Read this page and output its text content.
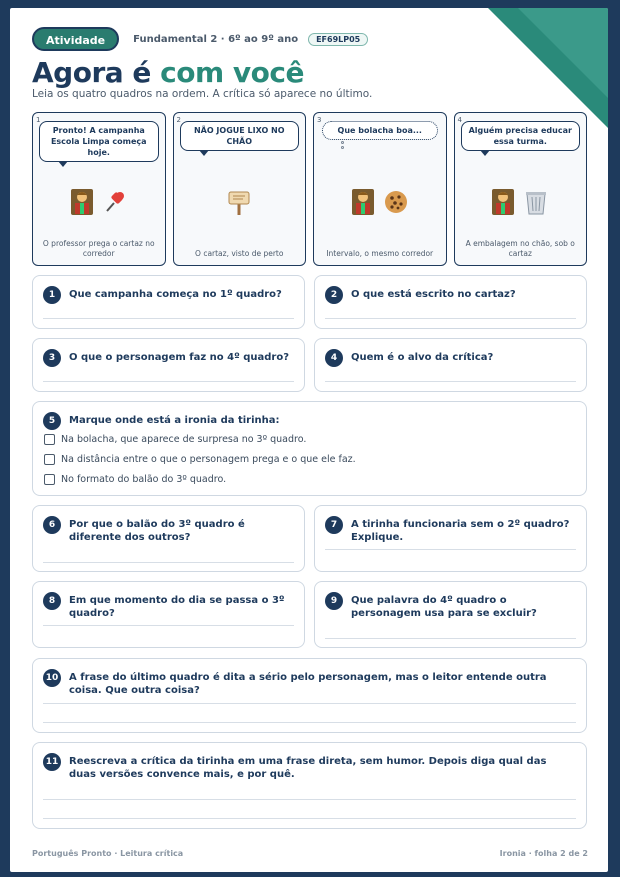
Atividade	Fundamental 2 · 6º ao 9º ano	EF69LP05
Agora é com você
Leia os quatro quadros na ordem. A crítica só aparece no último.
1
Pronto! A campanha Escola Limpa começa hoje.
O professor prega o cartaz no corredor
2
NÃO JOGUE LIXO NO CHÃO
O cartaz, visto de perto
3
Que bolacha boa...
Intervalo, o mesmo corredor
4
Alguém precisa educar essa turma.
A embalagem no chão, sob o cartaz
1	Que campanha começa no 1º quadro?	2	O que está escrito no cartaz?
3	O que o personagem faz no 4º quadro?	4	Quem é o alvo da crítica?
5	Marque onde está a ironia da tirinha:
Na bolacha, que aparece de surpresa no 3º quadro.
Na distância entre o que o personagem prega e o que ele faz.
No formato do balão do 3º quadro.
6	Por que o balão do 3º quadro é diferente dos outros?
7	A tirinha funcionaria sem o 2º quadro? Explique.
8	Em que momento do dia se passa o 3º quadro?
9	Que palavra do 4º quadro o personagem usa para se excluir?
10 A frase do último quadro é dita a sério pelo personagem, mas o leitor entende outra coisa. Que outra coisa?
11 Reescreva a crítica da tirinha em uma frase direta, sem humor. Depois diga qual das duas versões convence mais, e por quê.
Português Pronto · Leitura crítica	Ironia · folha 2 de 2
